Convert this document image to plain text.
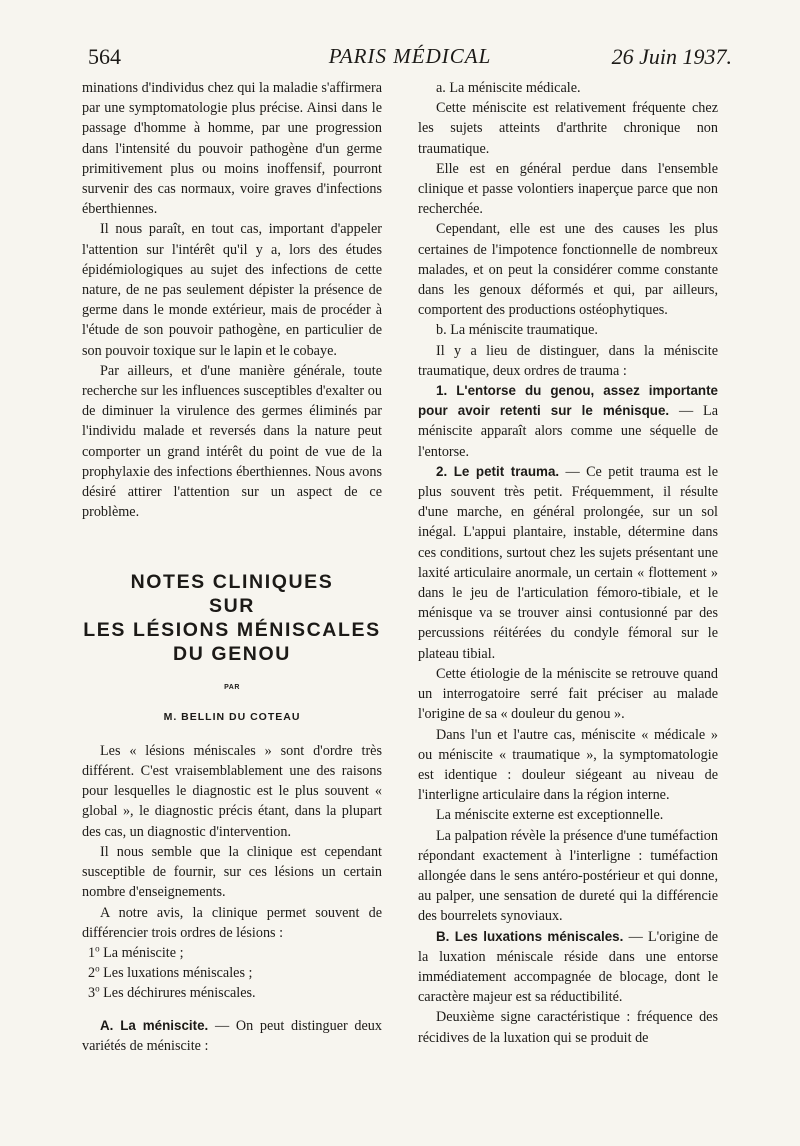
564	PARIS MÉDICAL	26 Juin 1937.

minations d'individus chez qui la maladie s'affirmera par une symptomatologie plus précise. Ainsi dans le passage d'homme à homme, par une progression dans l'intensité du pouvoir pathogène d'un germe primitivement plus ou moins inoffensif, pourront survenir des cas normaux, voire graves d'infections éberthiennes.

Il nous paraît, en tout cas, important d'appeler l'attention sur l'intérêt qu'il y a, lors des études épidémiologiques au sujet des infections de cette nature, de ne pas seulement dépister la présence de germe dans le monde extérieur, mais de procéder à l'étude de son pouvoir pathogène, en particulier de son pouvoir toxique sur le lapin et le cobaye.

Par ailleurs, et d'une manière générale, toute recherche sur les influences susceptibles d'exalter ou de diminuer la virulence des germes éliminés par l'individu malade et reversés dans la nature peut comporter un grand intérêt du point de vue de la prophylaxie des infections éberthiennes. Nous avons désiré attirer l'attention sur un aspect de ce problème.

NOTES CLINIQUES
SUR
LES LÉSIONS MÉNISCALES
DU GENOU
PAR
M. BELLIN DU COTEAU

Les « lésions méniscales » sont d'ordre très différent. C'est vraisemblablement une des raisons pour lesquelles le diagnostic est le plus souvent « global », le diagnostic précis étant, dans la plupart des cas, un diagnostic d'intervention.

Il nous semble que la clinique est cependant susceptible de fournir, sur ces lésions un certain nombre d'enseignements.

A notre avis, la clinique permet souvent de différencier trois ordres de lésions :

1$^o$ La méniscite ;

2$^o$ Les luxations méniscales ;

3$^o$ Les déchirures méniscales.

A. La méniscite. — On peut distinguer deux variétés de méniscite :

a. La méniscite médicale.

Cette méniscite est relativement fréquente chez les sujets atteints d'arthrite chronique non traumatique.

Elle est en général perdue dans l'ensemble clinique et passe volontiers inaperçue parce que non recherchée.

Cependant, elle est une des causes les plus certaines de l'impotence fonctionnelle de nombreux malades, et on peut la considérer comme constante dans les genoux déformés et qui, par ailleurs, comportent des productions ostéophytiques.

b. La méniscite traumatique.

Il y a lieu de distinguer, dans la méniscite traumatique, deux ordres de trauma :

1. L'entorse du genou, assez importante pour avoir retenti sur le ménisque. — La méniscite apparaît alors comme une séquelle de l'entorse.

2. Le petit trauma. — Ce petit trauma est le plus souvent très petit. Fréquemment, il résulte d'une marche, en général prolongée, sur un sol inégal. L'appui plantaire, instable, détermine dans ces conditions, surtout chez les sujets présentant une laxité articulaire anormale, un certain « flottement » dans le jeu de l'articulation fémoro-tibiale, et le ménisque va se trouver ainsi contusionné par des percussions réitérées du condyle fémoral sur le plateau tibial.

Cette étiologie de la méniscite se retrouve quand un interrogatoire serré fait préciser au malade l'origine de sa « douleur du genou ».

Dans l'un et l'autre cas, méniscite « médicale » ou méniscite « traumatique », la symptomatologie est identique : douleur siégeant au niveau de l'interligne articulaire dans la région interne.

La méniscite externe est exceptionnelle.

La palpation révèle la présence d'une tuméfaction répondant exactement à l'interligne : tuméfaction allongée dans le sens antéro-postérieur et qui donne, au palper, une sensation de dureté qui la différencie des bourrelets synoviaux.

B. Les luxations méniscales. — L'origine de la luxation méniscale réside dans une entorse immédiatement accompagnée de blocage, dont le caractère majeur est sa réductibilité.

Deuxième signe caractéristique : fréquence des récidives de la luxation qui se produit de
